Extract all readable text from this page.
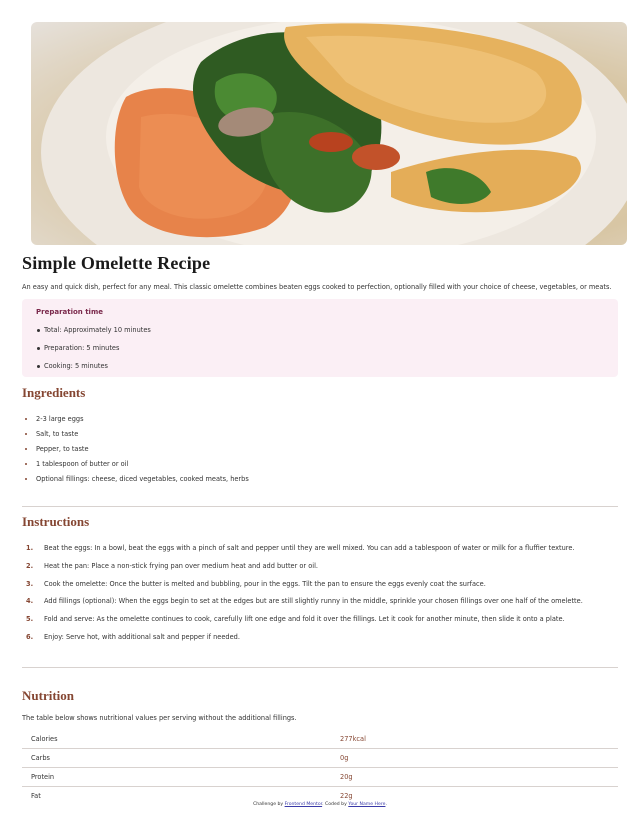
Simple Omelette Recipe

An easy and quick dish, perfect for any meal. This classic omelette combines beaten eggs cooked to perfection, optionally filled with your choice of cheese, vegetables, or meats.

Preparation time

Total: Approximately 10 minutes
Preparation: 5 minutes
Cooking: 5 minutes
Ingredients
2-3 large eggs
Salt, to taste
Pepper, to taste
1 tablespoon of butter or oil
Optional fillings: cheese, diced vegetables, cooked meats, herbs
Instructions
1. Beat the eggs: In a bowl, beat the eggs with a pinch of salt and pepper until they are well mixed. You can add a tablespoon of water or milk for a fluffier texture.
2. Heat the pan: Place a non-stick frying pan over medium heat and add butter or oil.
3. Cook the omelette: Once the butter is melted and bubbling, pour in the eggs. Tilt the pan to ensure the eggs evenly coat the surface.
4. Add fillings (optional): When the eggs begin to set at the edges but are still slightly runny in the middle, sprinkle your chosen fillings over one half of the omelette.
5. Fold and serve: As the omelette continues to cook, carefully lift one edge and fold it over the fillings. Let it cook for another minute, then slide it onto a plate.
6. Enjoy: Serve hot, with additional salt and pepper if needed.
Nutrition

The table below shows nutritional values per serving without the additional fillings.

Calories	277kcal
Carbs	0g
Protein	20g
Fat	22g
Challenge by Frontend Mentor. Coded by Your Name Here.
